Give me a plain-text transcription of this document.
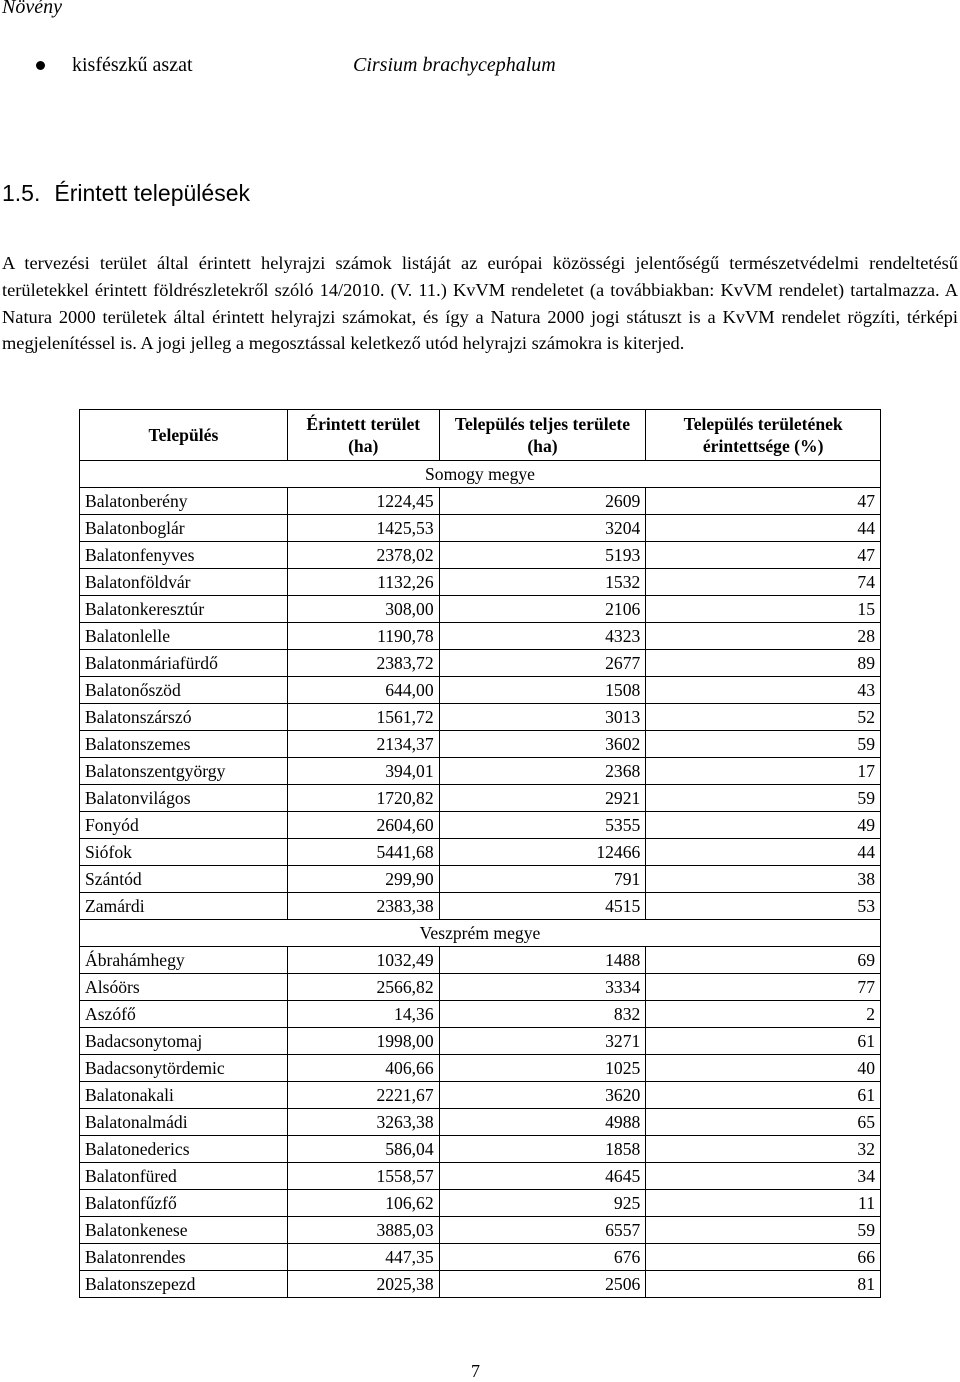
Növény
kisfészkű aszat	Cirsium brachycephalum
1.5. Érintett települések

A tervezési terület által érintett helyrajzi számok listáját az európai közösségi jelentőségű természetvédelmi rendeltetésű területekkel érintett földrészletekről szóló 14/2010. (V. 11.) KvVM rendeletet (a továbbiakban: KvVM rendelet) tartalmazza. A Natura 2000 területek által érintett helyrajzi számokat, és így a Natura 2000 jogi státuszt is a KvVM rendelet rögzíti, térképi megjelenítéssel is. A jogi jelleg a megosztással keletkező utód helyrajzi számokra is kiterjed.

Település	Érintett terület (ha)	Település teljes területe (ha)	Település területének érintettsége (%)
Somogy megye			
Balatonberény	1224,45	2609	47
Balatonboglár	1425,53	3204	44
Balatonfenyves	2378,02	5193	47
Balatonföldvár	1132,26	1532	74
Balatonkeresztúr	308,00	2106	15
Balatonlelle	1190,78	4323	28
Balatonmáriafürdő	2383,72	2677	89
Balatonőszöd	644,00	1508	43
Balatonszárszó	1561,72	3013	52
Balatonszemes	2134,37	3602	59
Balatonszentgyörgy	394,01	2368	17
Balatonvilágos	1720,82	2921	59
Fonyód	2604,60	5355	49
Siófok	5441,68	12466	44
Szántód	299,90	791	38
Zamárdi	2383,38	4515	53
Veszprém megye			
Ábrahámhegy	1032,49	1488	69
Alsóörs	2566,82	3334	77
Aszófő	14,36	832	2
Badacsonytomaj	1998,00	3271	61
Badacsonytördemic	406,66	1025	40
Balatonakali	2221,67	3620	61
Balatonalmádi	3263,38	4988	65
Balatonederics	586,04	1858	32
Balatonfüred	1558,57	4645	34
Balatonfűzfő	106,62	925	11
Balatonkenese	3885,03	6557	59
Balatonrendes	447,35	676	66
Balatonszepezd	2025,38	2506	81
7
